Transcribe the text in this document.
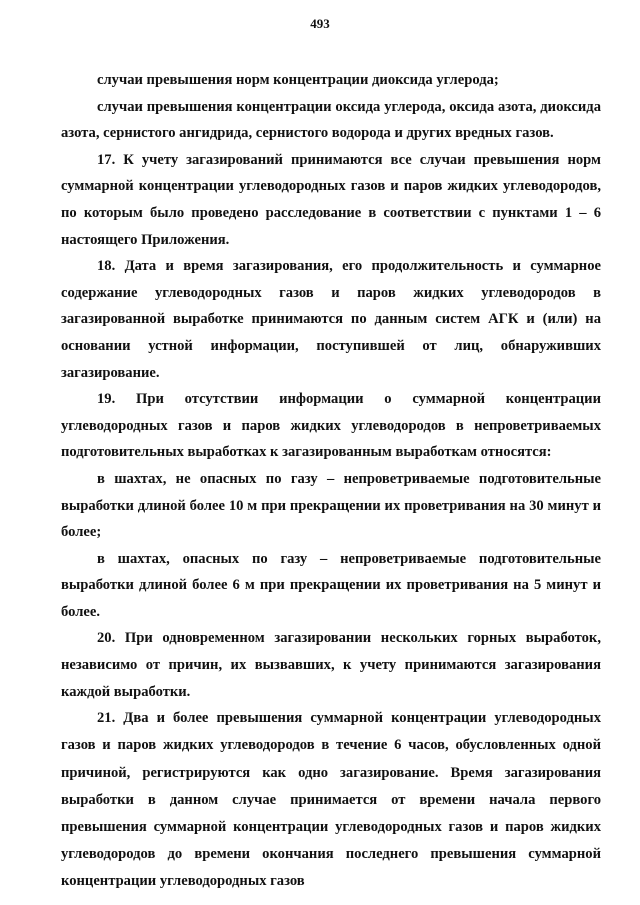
493

случаи превышения норм концентрации диоксида углерода;

случаи превышения концентрации оксида углерода, оксида азота, диоксида азота, сернистого ангидрида, сернистого водорода и других вредных газов.

17. К учету загазирований принимаются все случаи превышения норм суммарной концентрации углеводородных газов и паров жидких углеводородов, по которым было проведено расследование в соответствии с пунктами 1 – 6 настоящего Приложения.

18. Дата и время загазирования, его продолжительность и суммарное содержание углеводородных газов и паров жидких углеводородов в загазированной выработке принимаются по данным систем АГК и (или) на основании устной информации, поступившей от лиц, обнаруживших загазирование.

19. При отсутствии информации о суммарной концентрации углеводородных газов и паров жидких углеводородов в непроветриваемых подготовительных выработках к загазированным выработкам относятся:

в шахтах, не опасных по газу – непроветриваемые подготовительные выработки длиной более 10 м при прекращении их проветривания на 30 минут и более;

в шахтах, опасных по газу – непроветриваемые подготовительные выработки длиной более 6 м при прекращении их проветривания на 5 минут и более.

20. При одновременном загазировании нескольких горных выработок, независимо от причин, их вызвавших, к учету принимаются загазирования каждой выработки.

21. Два и более превышения суммарной концентрации углеводородных газов и паров жидких углеводородов в течение 6 часов, обусловленных одной причиной, регистрируются как одно загазирование. Время загазирования выработки в данном случае принимается от времени начала первого превышения суммарной концентрации углеводородных газов и паров жидких углеводородов до времени окончания последнего превышения суммарной концентрации углеводородных газов
